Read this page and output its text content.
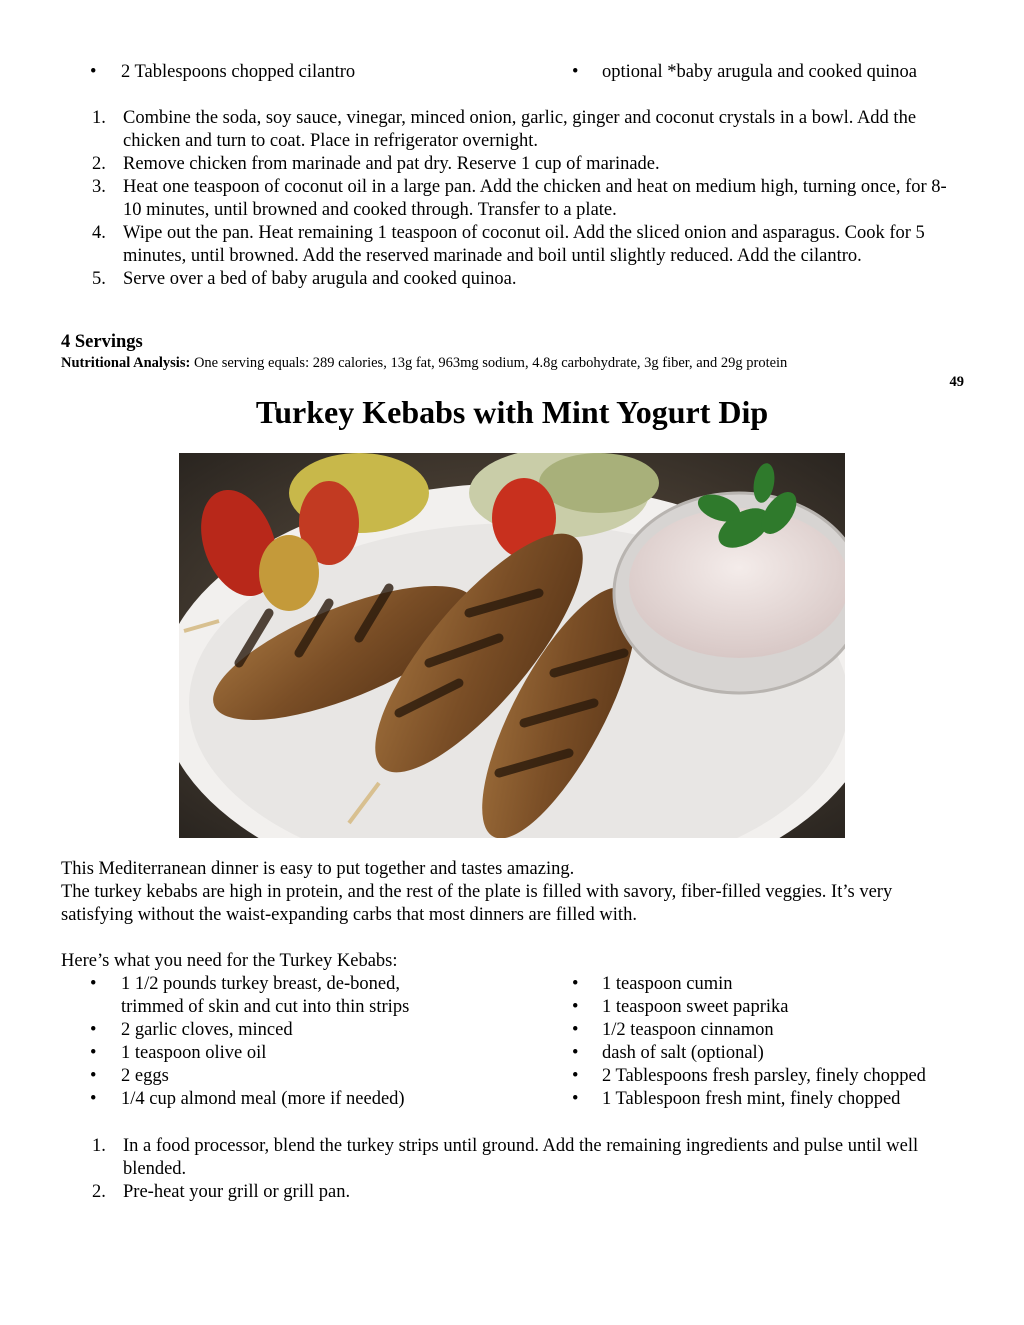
• 2 Tablespoons chopped cilantro
•	optional *baby arugula and cooked quinoa
1. Combine the soda, soy sauce, vinegar, minced onion, garlic, ginger and coconut crystals in a bowl. Add the chicken and turn to coat. Place in refrigerator overnight.
2. Remove chicken from marinade and pat dry. Reserve 1 cup of marinade.
3. Heat one teaspoon of coconut oil in a large pan. Add the chicken and heat on medium high, turning once, for 8-10 minutes, until browned and cooked through. Transfer to a plate.
4. Wipe out the pan. Heat remaining 1 teaspoon of coconut oil. Add the sliced onion and asparagus. Cook for 5 minutes, until browned. Add the reserved marinade and boil until slightly reduced. Add the cilantro.
5. Serve over a bed of baby arugula and cooked quinoa.
4 Servings
Nutritional Analysis: One serving equals: 289 calories, 13g fat, 963mg sodium, 4.8g carbohydrate, 3g fiber, and 29g protein
49
Turkey Kebabs with Mint Yogurt Dip
This Mediterranean dinner is easy to put together and tastes amazing.
The turkey kebabs are high in protein, and the rest of the plate is filled with savory, fiber-filled veggies. It’s very satisfying without the waist-expanding carbs that most dinners are filled with.
Here’s what you need for the Turkey Kebabs:
• 1 1/2 pounds turkey breast, de-boned, trimmed of skin and cut into thin strips
• 2 garlic cloves, minced
• 1 teaspoon olive oil
• 2 eggs
• 1/4 cup almond meal (more if needed)
• 1 teaspoon cumin
• 1 teaspoon sweet paprika
• 1/2 teaspoon cinnamon
• dash of salt (optional)
• 2 Tablespoons fresh parsley, finely chopped
• 1 Tablespoon fresh mint, finely chopped
1. In a food processor, blend the turkey strips until ground. Add the remaining ingredients and pulse until well blended.
2. Pre-heat your grill or grill pan.
